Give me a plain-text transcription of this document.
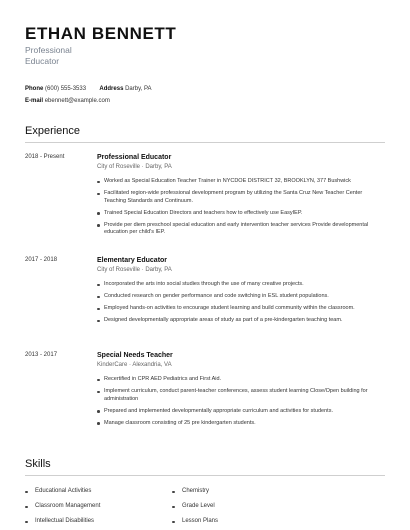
ETHAN BENNETT
Professional
Educator
Phone (600) 555-3533 Address Darby, PA
E-mail ebennett@example.com
Experience
2018 - Present	Professional Educator
City of Roseville · Darby, PA
Worked as Special Education Teacher Trainer in NYCDOE DISTRICT 32, BROOKLYN, 377 Bushwick
Facilitated region-wide professional development program by utilizing the Santa Cruz New Teacher Center Teaching Standards and Continuum.
Trained Special Education Directors and teachers how to effectively use EasyIEP.
Provide per diem preschool special education and early intervention teacher services Provide developmental education per child's IEP.
2017 - 2018	Elementary Educator
City of Roseville · Darby, PA
Incorporated the arts into social studies through the use of many creative projects.
Conducted research on gender performance and code switching in ESL student populations.
Employed hands-on activities to encourage student learning and build community within the classroom.
Designed developmentally appropriate areas of study as part of a pre-kindergarten teaching team.
2013 - 2017	Special Needs Teacher
KinderCare · Alexandria, VA
Recertified in CPR AED Pediatrics and First Aid.
Implement curriculum, conduct parent-teacher conferences, assess student learning Close/Open building for administration
Prepared and implemented developmentally appropriate curriculum and activities for students.
Manage classroom consisting of 25 pre kindergarten students.
Skills
Educational Activities
Classroom Management
Intellectual Disabilities
Chemistry
Grade Level
Lesson Plans
